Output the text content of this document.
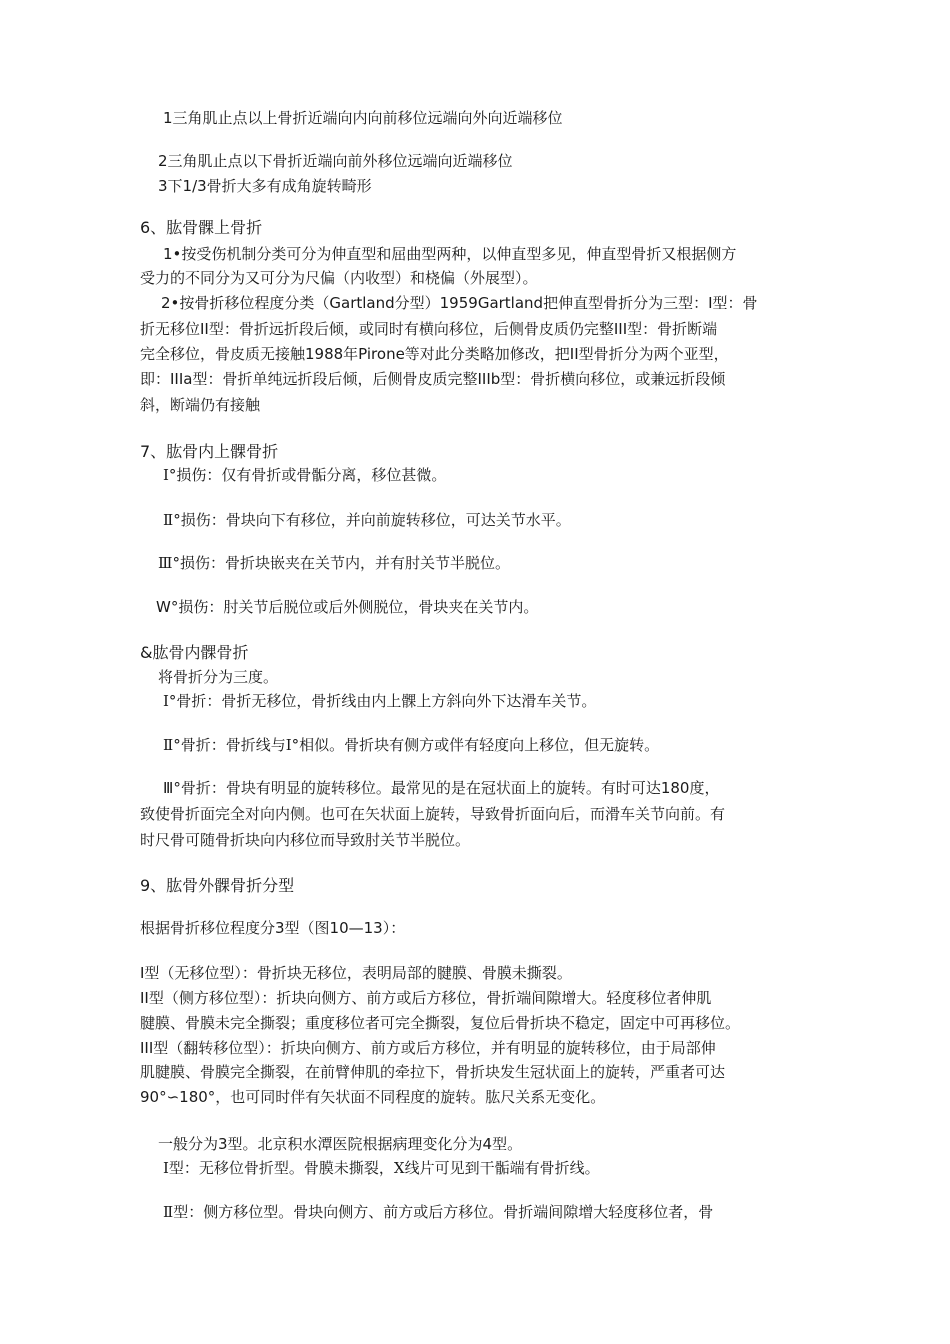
1三角肌止点以上骨折近端向内向前移位远端向外向近端移位
2三角肌止点以下骨折近端向前外移位远端向近端移位
3下1/3骨折大多有成角旋转畸形
6、肱骨髁上骨折
1•按受伤机制分类可分为伸直型和屈曲型两种，以伸直型多见，伸直型骨折又根据侧方
受力的不同分为又可分为尺偏（内收型）和桡偏（外展型）。
2•按骨折移位程度分类（Gartland分型）1959Gartland把伸直型骨折分为三型：I型：骨
折无移位II型：骨折远折段后倾，或同时有横向移位，后侧骨皮质仍完整III型：骨折断端
完全移位，骨皮质无接触1988年Pirone等对此分类略加修改，把II型骨折分为两个亚型，
即：IIIa型：骨折单纯远折段后倾，后侧骨皮质完整IIIb型：骨折横向移位，或兼远折段倾
斜，断端仍有接触
7、肱骨内上髁骨折
Ⅰ°损伤：仅有骨折或骨骺分离，移位甚微。
Ⅱ°损伤：骨块向下有移位，并向前旋转移位，可达关节水平。
Ⅲ°损伤：骨折块嵌夹在关节内，并有肘关节半脱位。
W°损伤：肘关节后脱位或后外侧脱位，骨块夹在关节内。
&肱骨内髁骨折
将骨折分为三度。
Ⅰ°骨折：骨折无移位，骨折线由内上髁上方斜向外下达滑车关节。
Ⅱ°骨折：骨折线与Ⅰ°相似。骨折块有侧方或伴有轻度向上移位，但无旋转。
Ⅲ°骨折：骨块有明显的旋转移位。最常见的是在冠状面上的旋转。有时可达180度，
致使骨折面完全对向内侧。也可在矢状面上旋转，导致骨折面向后，而滑车关节向前。有
时尺骨可随骨折块向内移位而导致肘关节半脱位。
9、肱骨外髁骨折分型
根据骨折移位程度分3型（图10—13）：
I型（无移位型）：骨折块无移位，表明局部的腱膜、骨膜未撕裂。
II型（侧方移位型）：折块向侧方、前方或后方移位，骨折端间隙增大。轻度移位者伸肌
腱膜、骨膜未完全撕裂；重度移位者可完全撕裂，复位后骨折块不稳定，固定中可再移位。
III型（翻转移位型）：折块向侧方、前方或后方移位，并有明显的旋转移位，由于局部伸
肌腱膜、骨膜完全撕裂，在前臂伸肌的牵拉下，骨折块发生冠状面上的旋转，严重者可达
90°∽180°，也可同时伴有矢状面不同程度的旋转。肱尺关系无变化。
一般分为3型。北京积水潭医院根据病理变化分为4型。
Ⅰ型：无移位骨折型。骨膜未撕裂，X线片可见到干骺端有骨折线。
Ⅱ型：侧方移位型。骨块向侧方、前方或后方移位。骨折端间隙增大轻度移位者，骨
